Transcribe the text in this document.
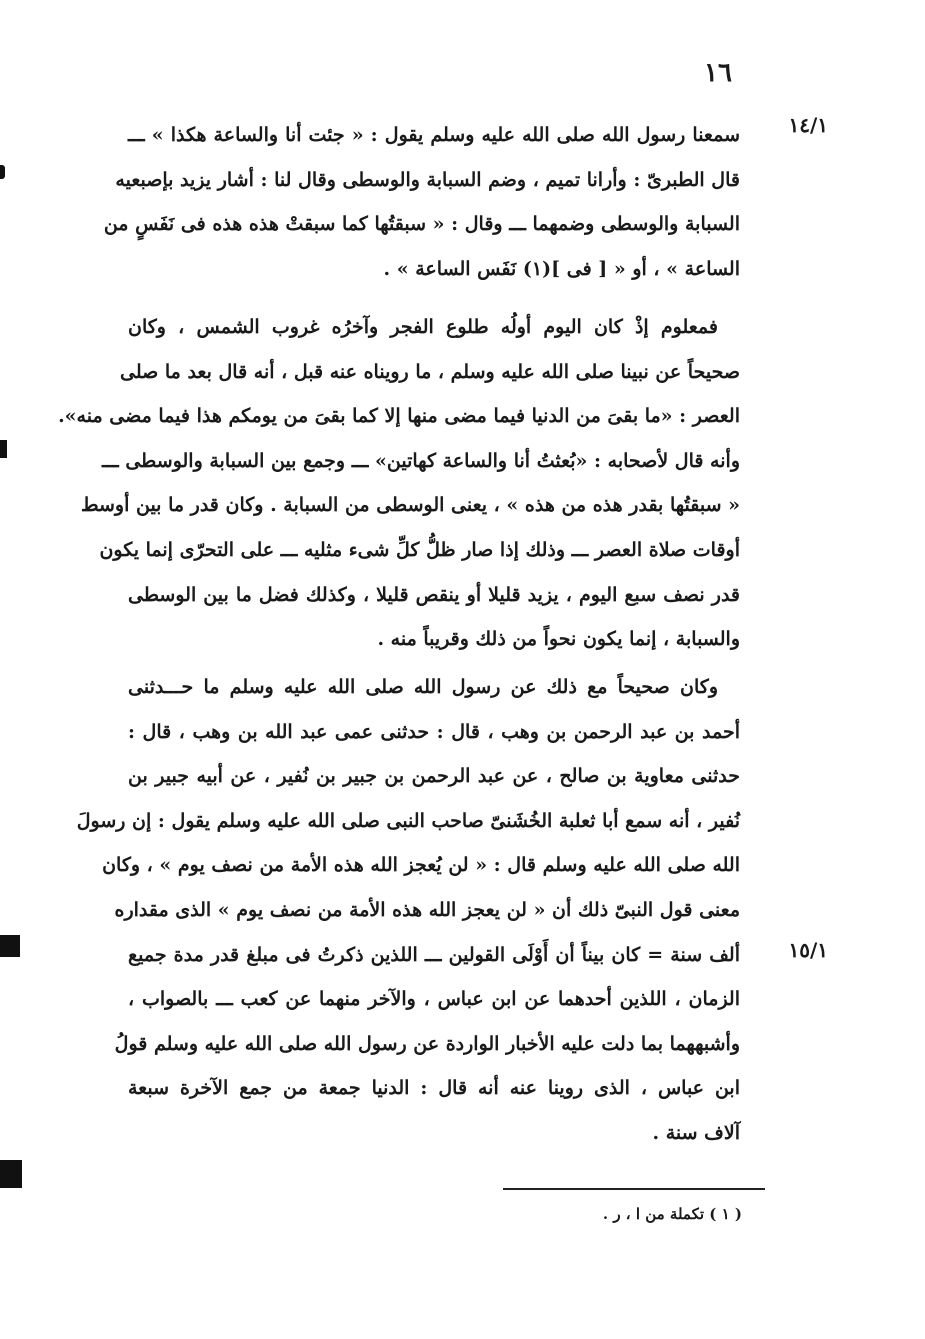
١٦
١٤/١
١٥/١
سمعنا رسول الله صلى الله عليه وسلم يقول : « جئت أنا والساعة هكذا » ـــ
قال الطبرىّ : وأرانا تميم ، وضم السبابة والوسطى وقال لنا : أشار يزيد بإصبعيه
السبابة والوسطى وضمهما ـــ وقال : « سبقتُها كما سبقتْ هذه هذه فى نَفَسٍ من
الساعة » ، أو « [ فى ](١) نَفَس الساعة » .
فمعلوم إذْ كان اليوم أولُه طلوع الفجر وآخرُه غروب الشمس ، وكان
صحيحاً عن نبينا صلى الله عليه وسلم ، ما رويناه عنه قبل ، أنه قال بعد ما صلى
العصر : «ما بقىَ من الدنيا فيما مضى منها إلا كما بقىَ من يومكم هذا فيما مضى منه».
وأنه قال لأصحابه : «بُعثتُ أنا والساعة كهاتين» ـــ وجمع بين السبابة والوسطى ـــ
« سبقتُها بقدر هذه من هذه » ، يعنى الوسطى من السبابة . وكان قدر ما بين أوسط
أوقات صلاة العصر ـــ وذلك إذا صار ظلُّ كلِّ شىء مثليه ـــ على التحرّى إنما يكون
قدر نصف سبع اليوم ، يزيد قليلا أو ينقص قليلا ، وكذلك فضل ما بين الوسطى
والسبابة ، إنما يكون نحواً من ذلك وقريباً منه .
وكان صحيحاً مع ذلك عن رسول الله صلى الله عليه وسلم ما حـــدثنى
أحمد بن عبد الرحمن بن وهب ، قال : حدثنى عمى عبد الله بن وهب ، قال :
حدثنى معاوية بن صالح ، عن عبد الرحمن بن جبير بن نُفير ، عن أبيه جبير بن
نُفير ، أنه سمع أبا ثعلبة الخُشَنىّ صاحب النبى صلى الله عليه وسلم يقول : إن رسولَ
الله صلى الله عليه وسلم قال : « لن يُعجز الله هذه الأمة من نصف يوم » ، وكان
معنى قول النبىّ ذلك أن « لن يعجز الله هذه الأمة من نصف يوم » الذى مقداره
ألف سنة = كان بيناً أن أَوْلَى القولين ـــ اللذين ذكرتُ فى مبلغ قدر مدة جميع
الزمان ، اللذين أحدهما عن ابن عباس ، والآخر منهما عن كعب ـــ بالصواب ،
وأشبههما بما دلت عليه الأخبار الواردة عن رسول الله صلى الله عليه وسلم قولُ
ابن عباس ، الذى روينا عنه أنه قال : الدنيا جمعة من جمع الآخرة سبعة
آلاف سنة .
( ١ ) تكملة من ا ، ر .
